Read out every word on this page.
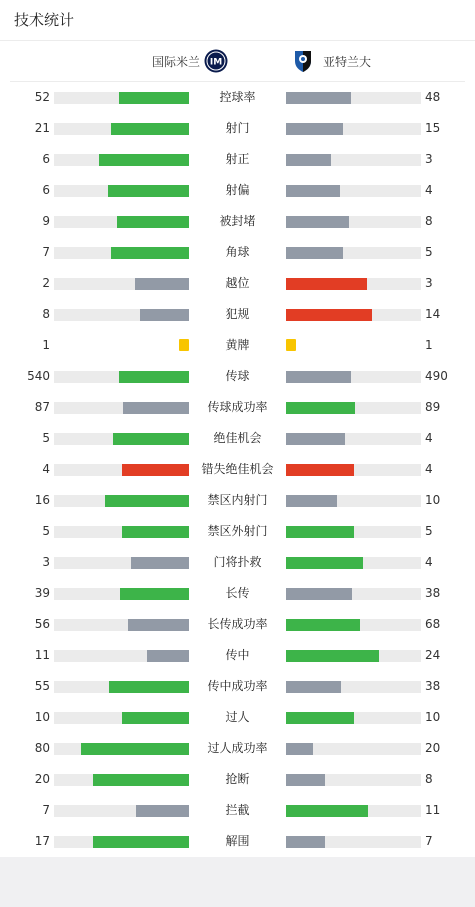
技术统计
国际米兰 IM	亚特兰大
52	控球率	48
21	射门	15
6	射正	3
6	射偏	4
9	被封堵	8
7	角球	5
2	越位	3
8	犯规	14
1	黄牌	1
540	传球	490
87	传球成功率	89
5	绝佳机会	4
4	错失绝佳机会	4
16	禁区内射门	10
5	禁区外射门	5
3	门将扑救	4
39	长传	38
56	长传成功率	68
11	传中	24
55	传中成功率	38
10	过人	10
80	过人成功率	20
20	抢断	8
7	拦截	11
17	解围	7
